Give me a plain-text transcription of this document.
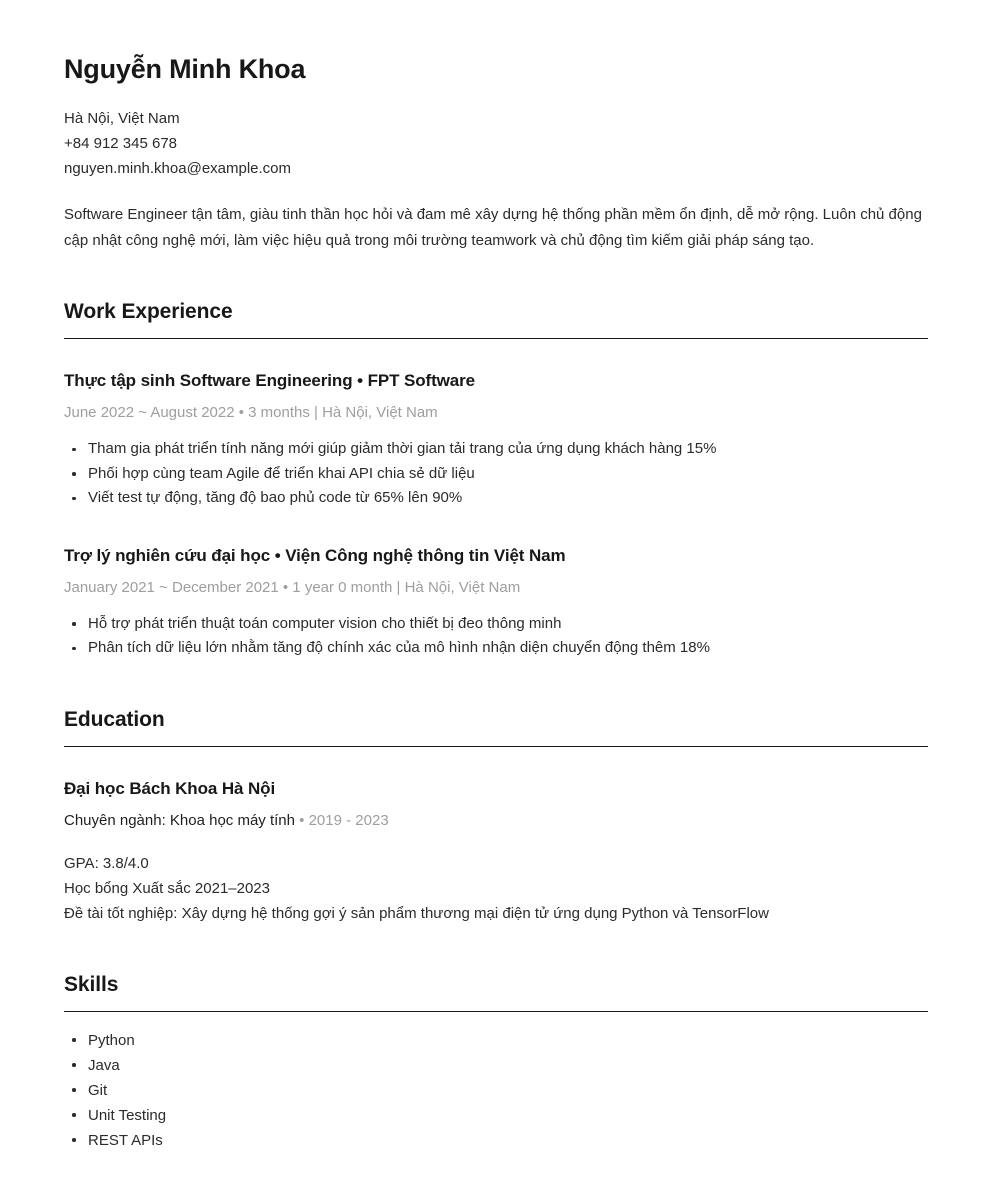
Nguyễn Minh Khoa
Hà Nội, Việt Nam
+84 912 345 678
nguyen.minh.khoa@example.com

Software Engineer tận tâm, giàu tinh thần học hỏi và đam mê xây dựng hệ thống phần mềm ổn định, dễ mở rộng. Luôn chủ động cập nhật công nghệ mới, làm việc hiệu quả trong môi trường teamwork và chủ động tìm kiếm giải pháp sáng tạo.

Work Experience
Thực tập sinh Software Engineering • FPT Software
June 2022 ~ August 2022 • 3 months | Hà Nội, Việt Nam
Tham gia phát triển tính năng mới giúp giảm thời gian tải trang của ứng dụng khách hàng 15%
Phối hợp cùng team Agile để triển khai API chia sẻ dữ liệu
Viết test tự động, tăng độ bao phủ code từ 65% lên 90%
Trợ lý nghiên cứu đại học • Viện Công nghệ thông tin Việt Nam
January 2021 ~ December 2021 • 1 year 0 month | Hà Nội, Việt Nam
Hỗ trợ phát triển thuật toán computer vision cho thiết bị đeo thông minh
Phân tích dữ liệu lớn nhằm tăng độ chính xác của mô hình nhận diện chuyển động thêm 18%
Education
Đại học Bách Khoa Hà Nội
Chuyên ngành: Khoa học máy tính • 2019 - 2023
GPA: 3.8/4.0
Học bổng Xuất sắc 2021–2023
Đề tài tốt nghiệp: Xây dựng hệ thống gợi ý sản phẩm thương mại điện tử ứng dụng Python và TensorFlow
Skills
Python
Java
Git
Unit Testing
REST APIs
